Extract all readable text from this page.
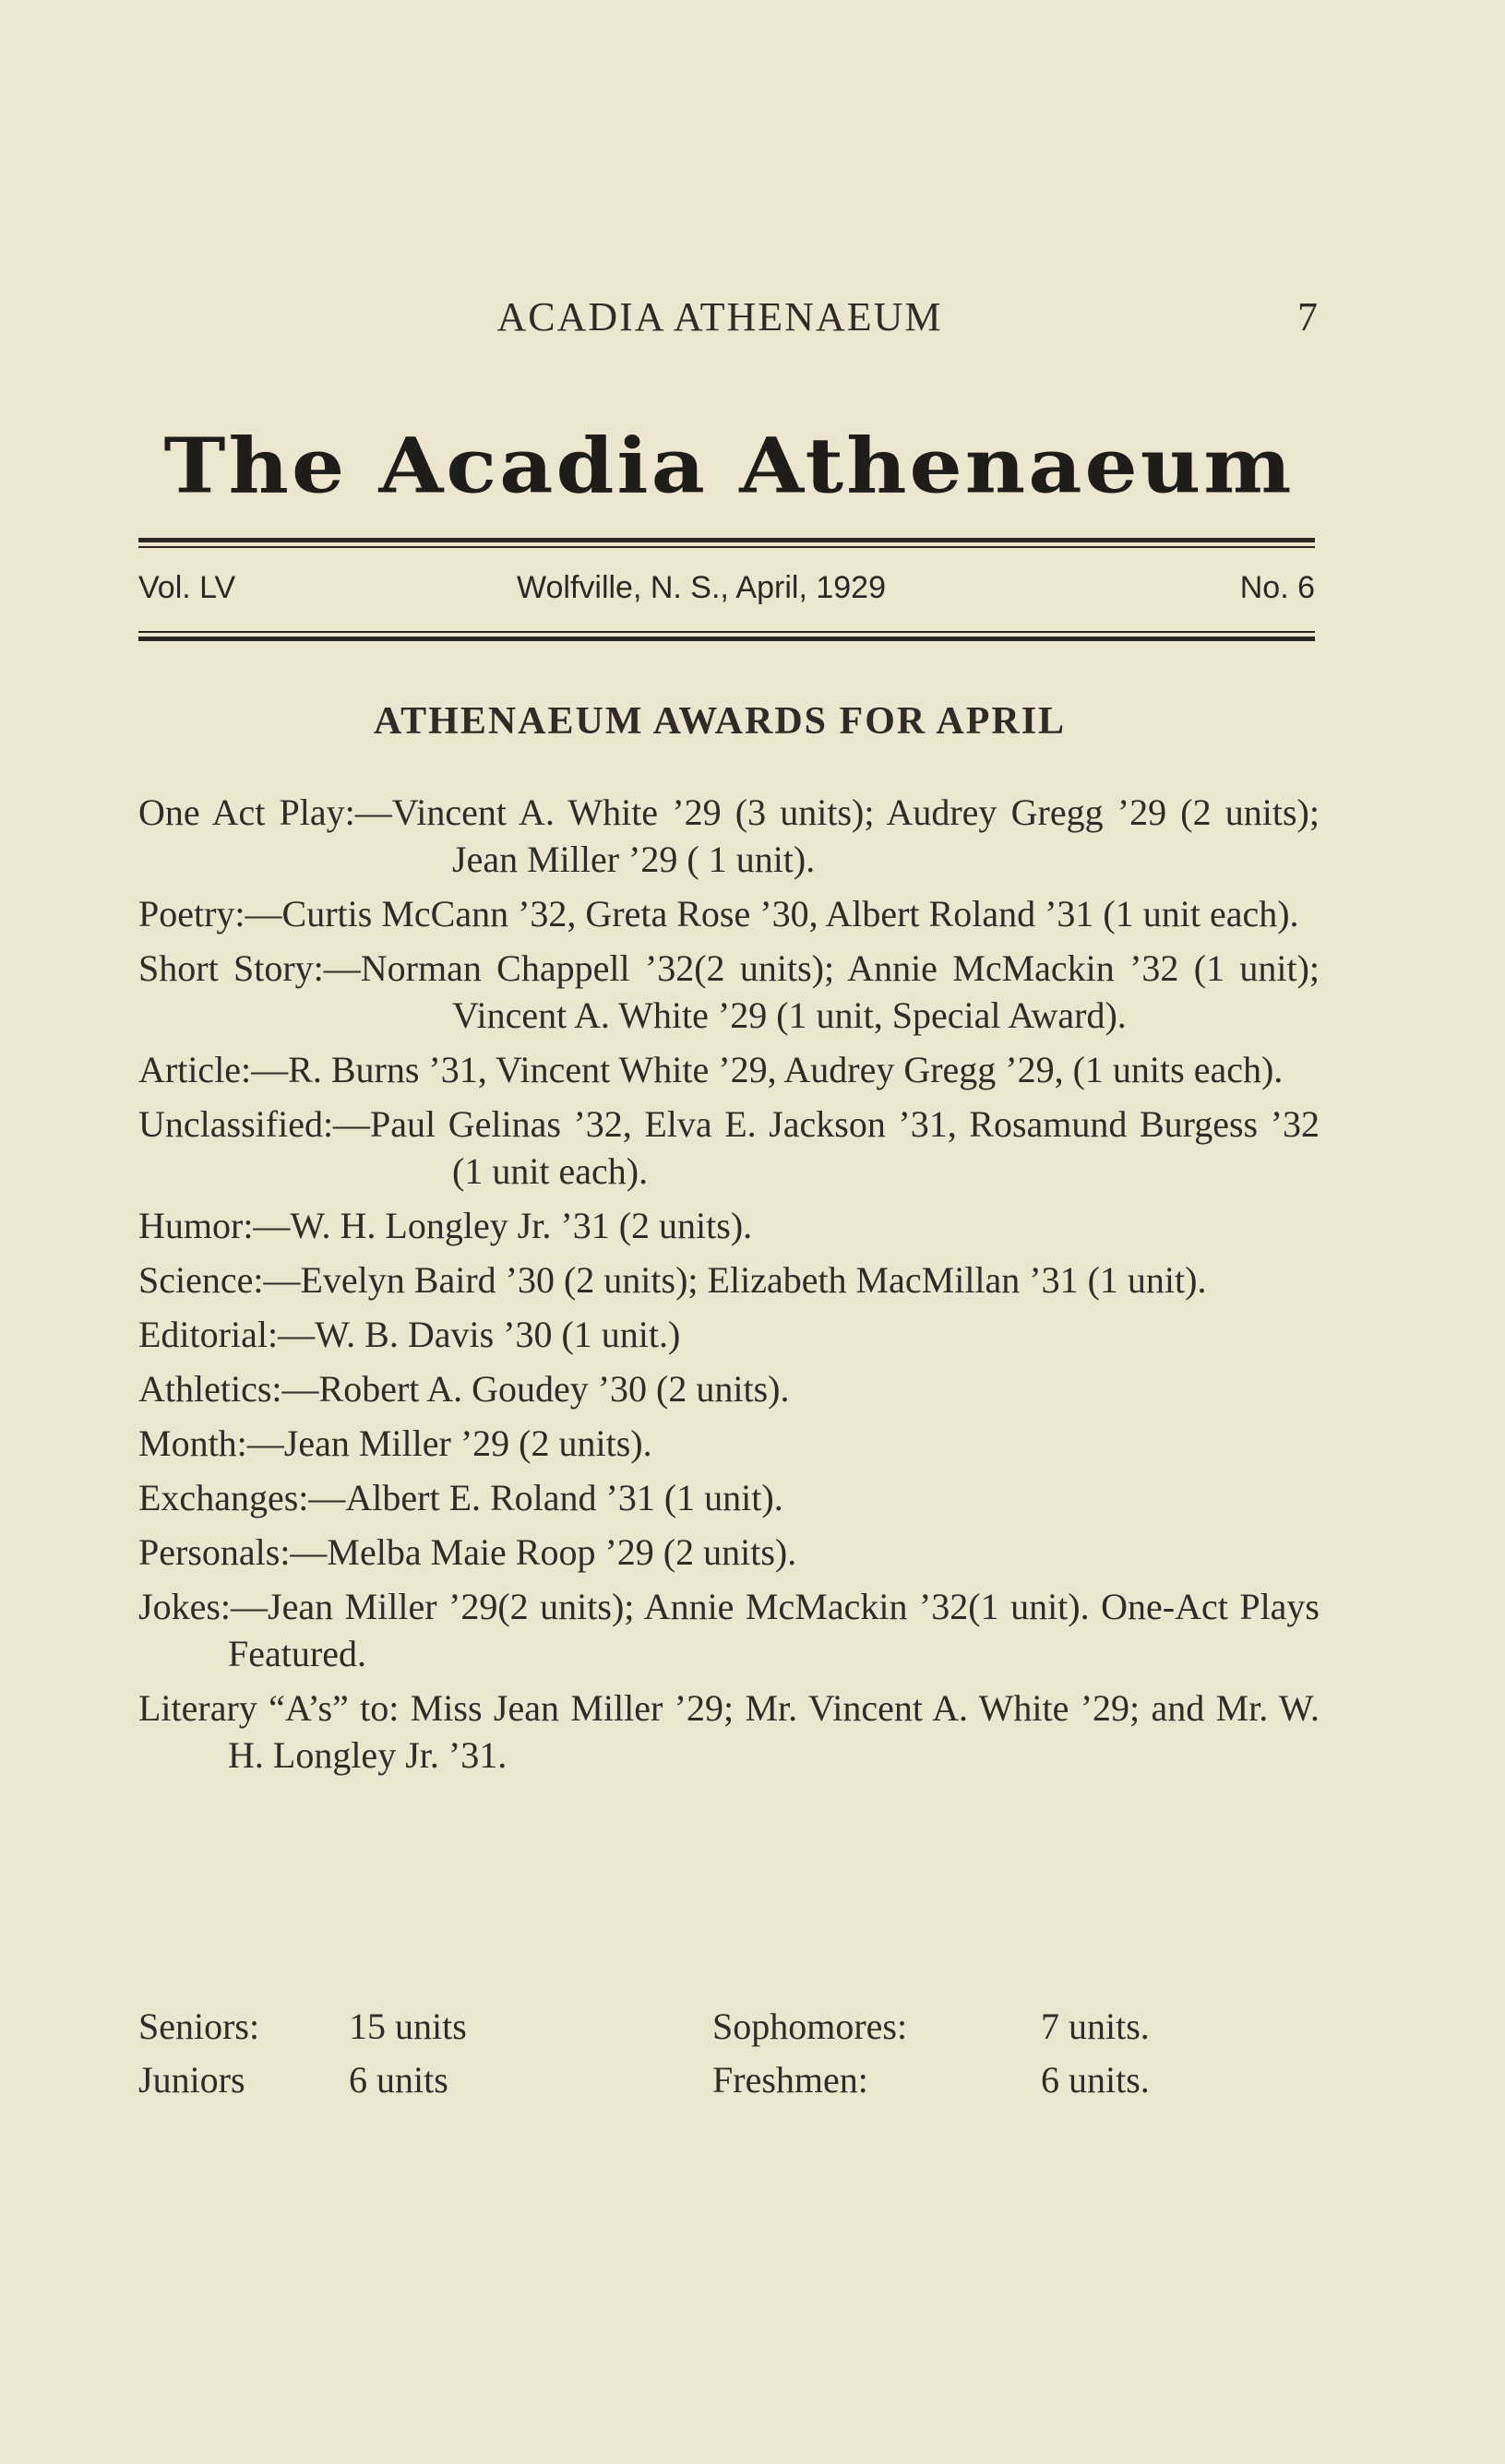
ACADIA ATHENAEUM	7
The Acadia Athenaeum
Vol. LV	Wolfville, N. S., April, 1929	No. 6
ATHENAEUM AWARDS FOR APRIL

One Act Play:—Vincent A. White ’29 (3 units); Audrey Gregg ’29 (2 units); Jean Miller ’29 ( 1 unit).

Poetry:—Curtis McCann ’32, Greta Rose ’30, Albert Roland ’31 (1 unit each).

Short Story:—Norman Chappell ’32(2 units); Annie McMackin ’32 (1 unit); Vincent A. White ’29 (1 unit, Special Award).

Article:—R. Burns ’31, Vincent White ’29, Audrey Gregg ’29, (1 units each).

Unclassified:—Paul Gelinas ’32, Elva E. Jackson ’31, Rosamund Burgess ’32 (1 unit each).

Humor:—W. H. Longley Jr. ’31 (2 units).

Science:—Evelyn Baird ’30 (2 units); Elizabeth MacMillan ’31 (1 unit).

Editorial:—W. B. Davis ’30 (1 unit.)

Athletics:—Robert A. Goudey ’30 (2 units).

Month:—Jean Miller ’29 (2 units).

Exchanges:—Albert E. Roland ’31 (1 unit).

Personals:—Melba Maie Roop ’29 (2 units).

Jokes:—Jean Miller ’29(2 units); Annie McMackin ’32(1 unit). One-Act Plays Featured.

Literary “A’s” to: Miss Jean Miller ’29; Mr. Vincent A. White ’29; and Mr. W. H. Longley Jr. ’31.

Seniors: 15 units	Sophomores:	7 units.
Juniors	6 units	Freshmen:	6 units.
